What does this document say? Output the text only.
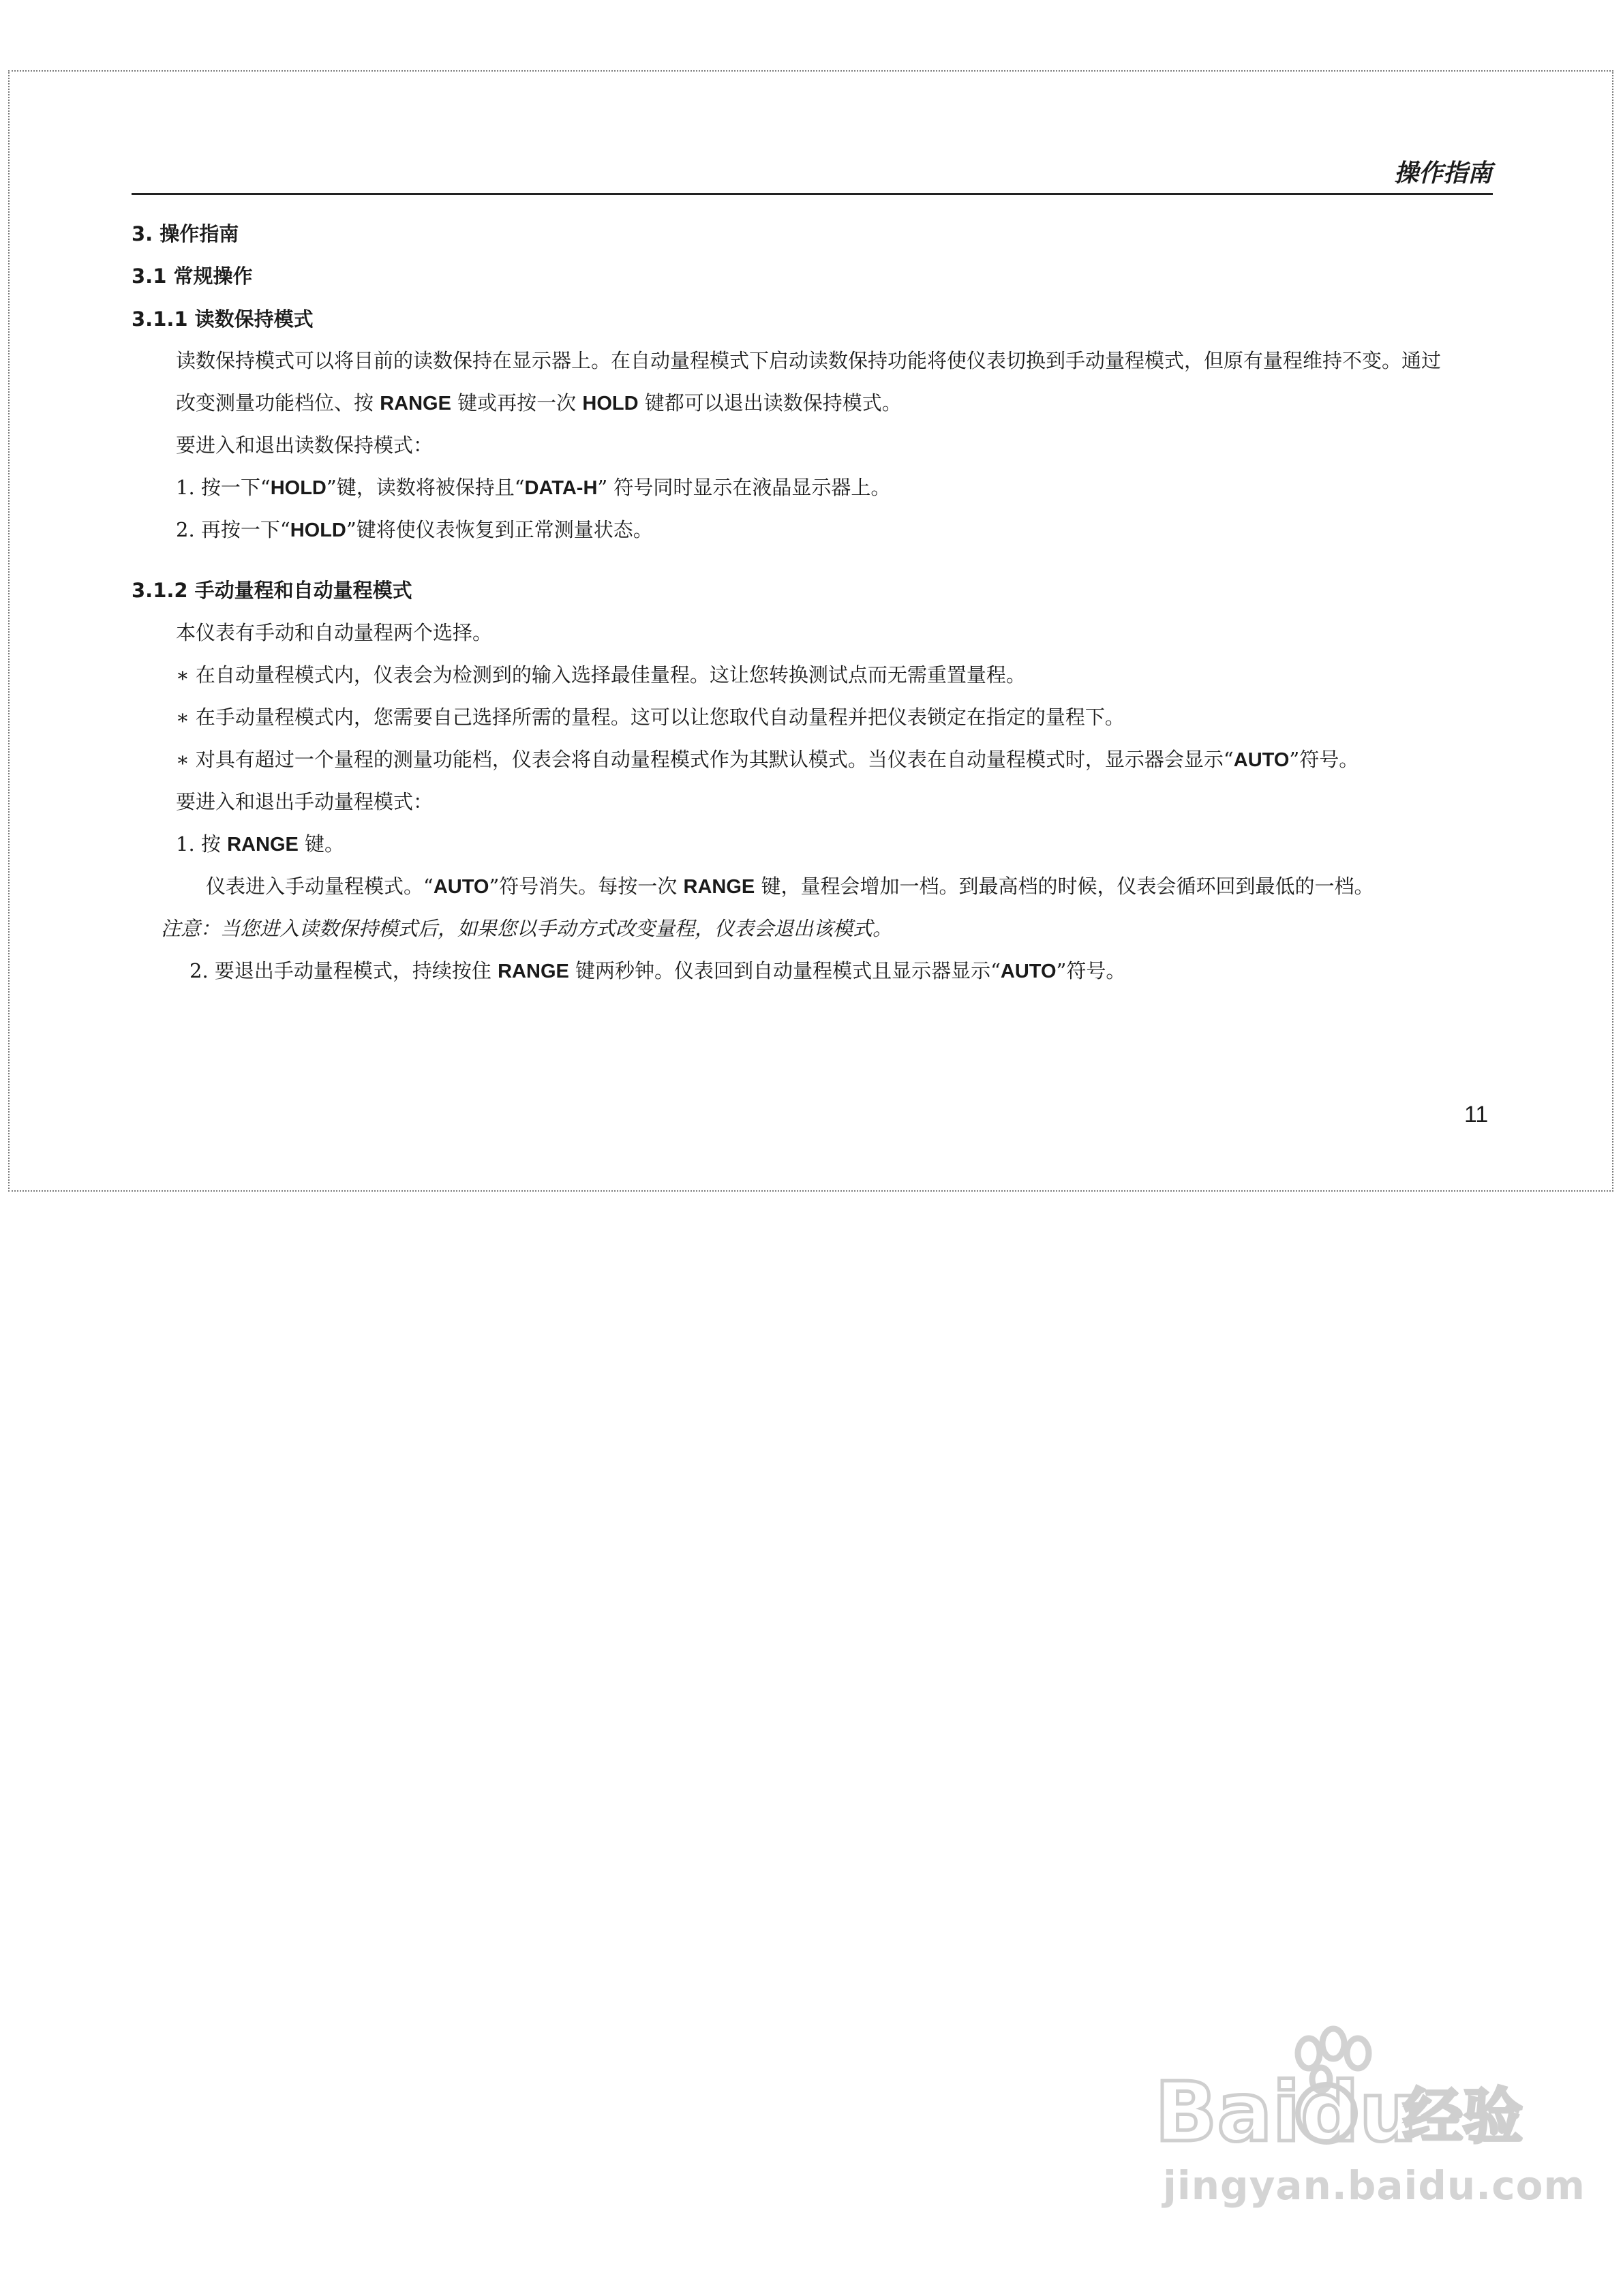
操作指南
3. 操作指南
3.1 常规操作
3.1.1 读数保持模式
读数保持模式可以将目前的读数保持在显示器上。在自动量程模式下启动读数保持功能将使仪表切换到手动量程模式，但原有量程维持不变。通过
改变测量功能档位、按 RANGE 键或再按一次 HOLD 键都可以退出读数保持模式。
要进入和退出读数保持模式：
1. 按一下“HOLD”键，读数将被保持且“DATA-H” 符号同时显示在液晶显示器上。
2. 再按一下“HOLD”键将使仪表恢复到正常测量状态。
3.1.2 手动量程和自动量程模式
本仪表有手动和自动量程两个选择。
∗ 在自动量程模式内，仪表会为检测到的输入选择最佳量程。这让您转换测试点而无需重置量程。
∗ 在手动量程模式内，您需要自己选择所需的量程。这可以让您取代自动量程并把仪表锁定在指定的量程下。
∗ 对具有超过一个量程的测量功能档，仪表会将自动量程模式作为其默认模式。当仪表在自动量程模式时，显示器会显示“AUTO”符号。
要进入和退出手动量程模式：
1. 按 RANGE 键。
仪表进入手动量程模式。“AUTO”符号消失。每按一次 RANGE 键，量程会增加一档。到最高档的时候，仪表会循环回到最低的一档。
注意：当您进入读数保持模式后，如果您以手动方式改变量程，仪表会退出该模式。
2. 要退出手动量程模式，持续按住 RANGE 键两秒钟。仪表回到自动量程模式且显示器显示“AUTO”符号。
11
Bai du
经验
jingyan.baidu.com
